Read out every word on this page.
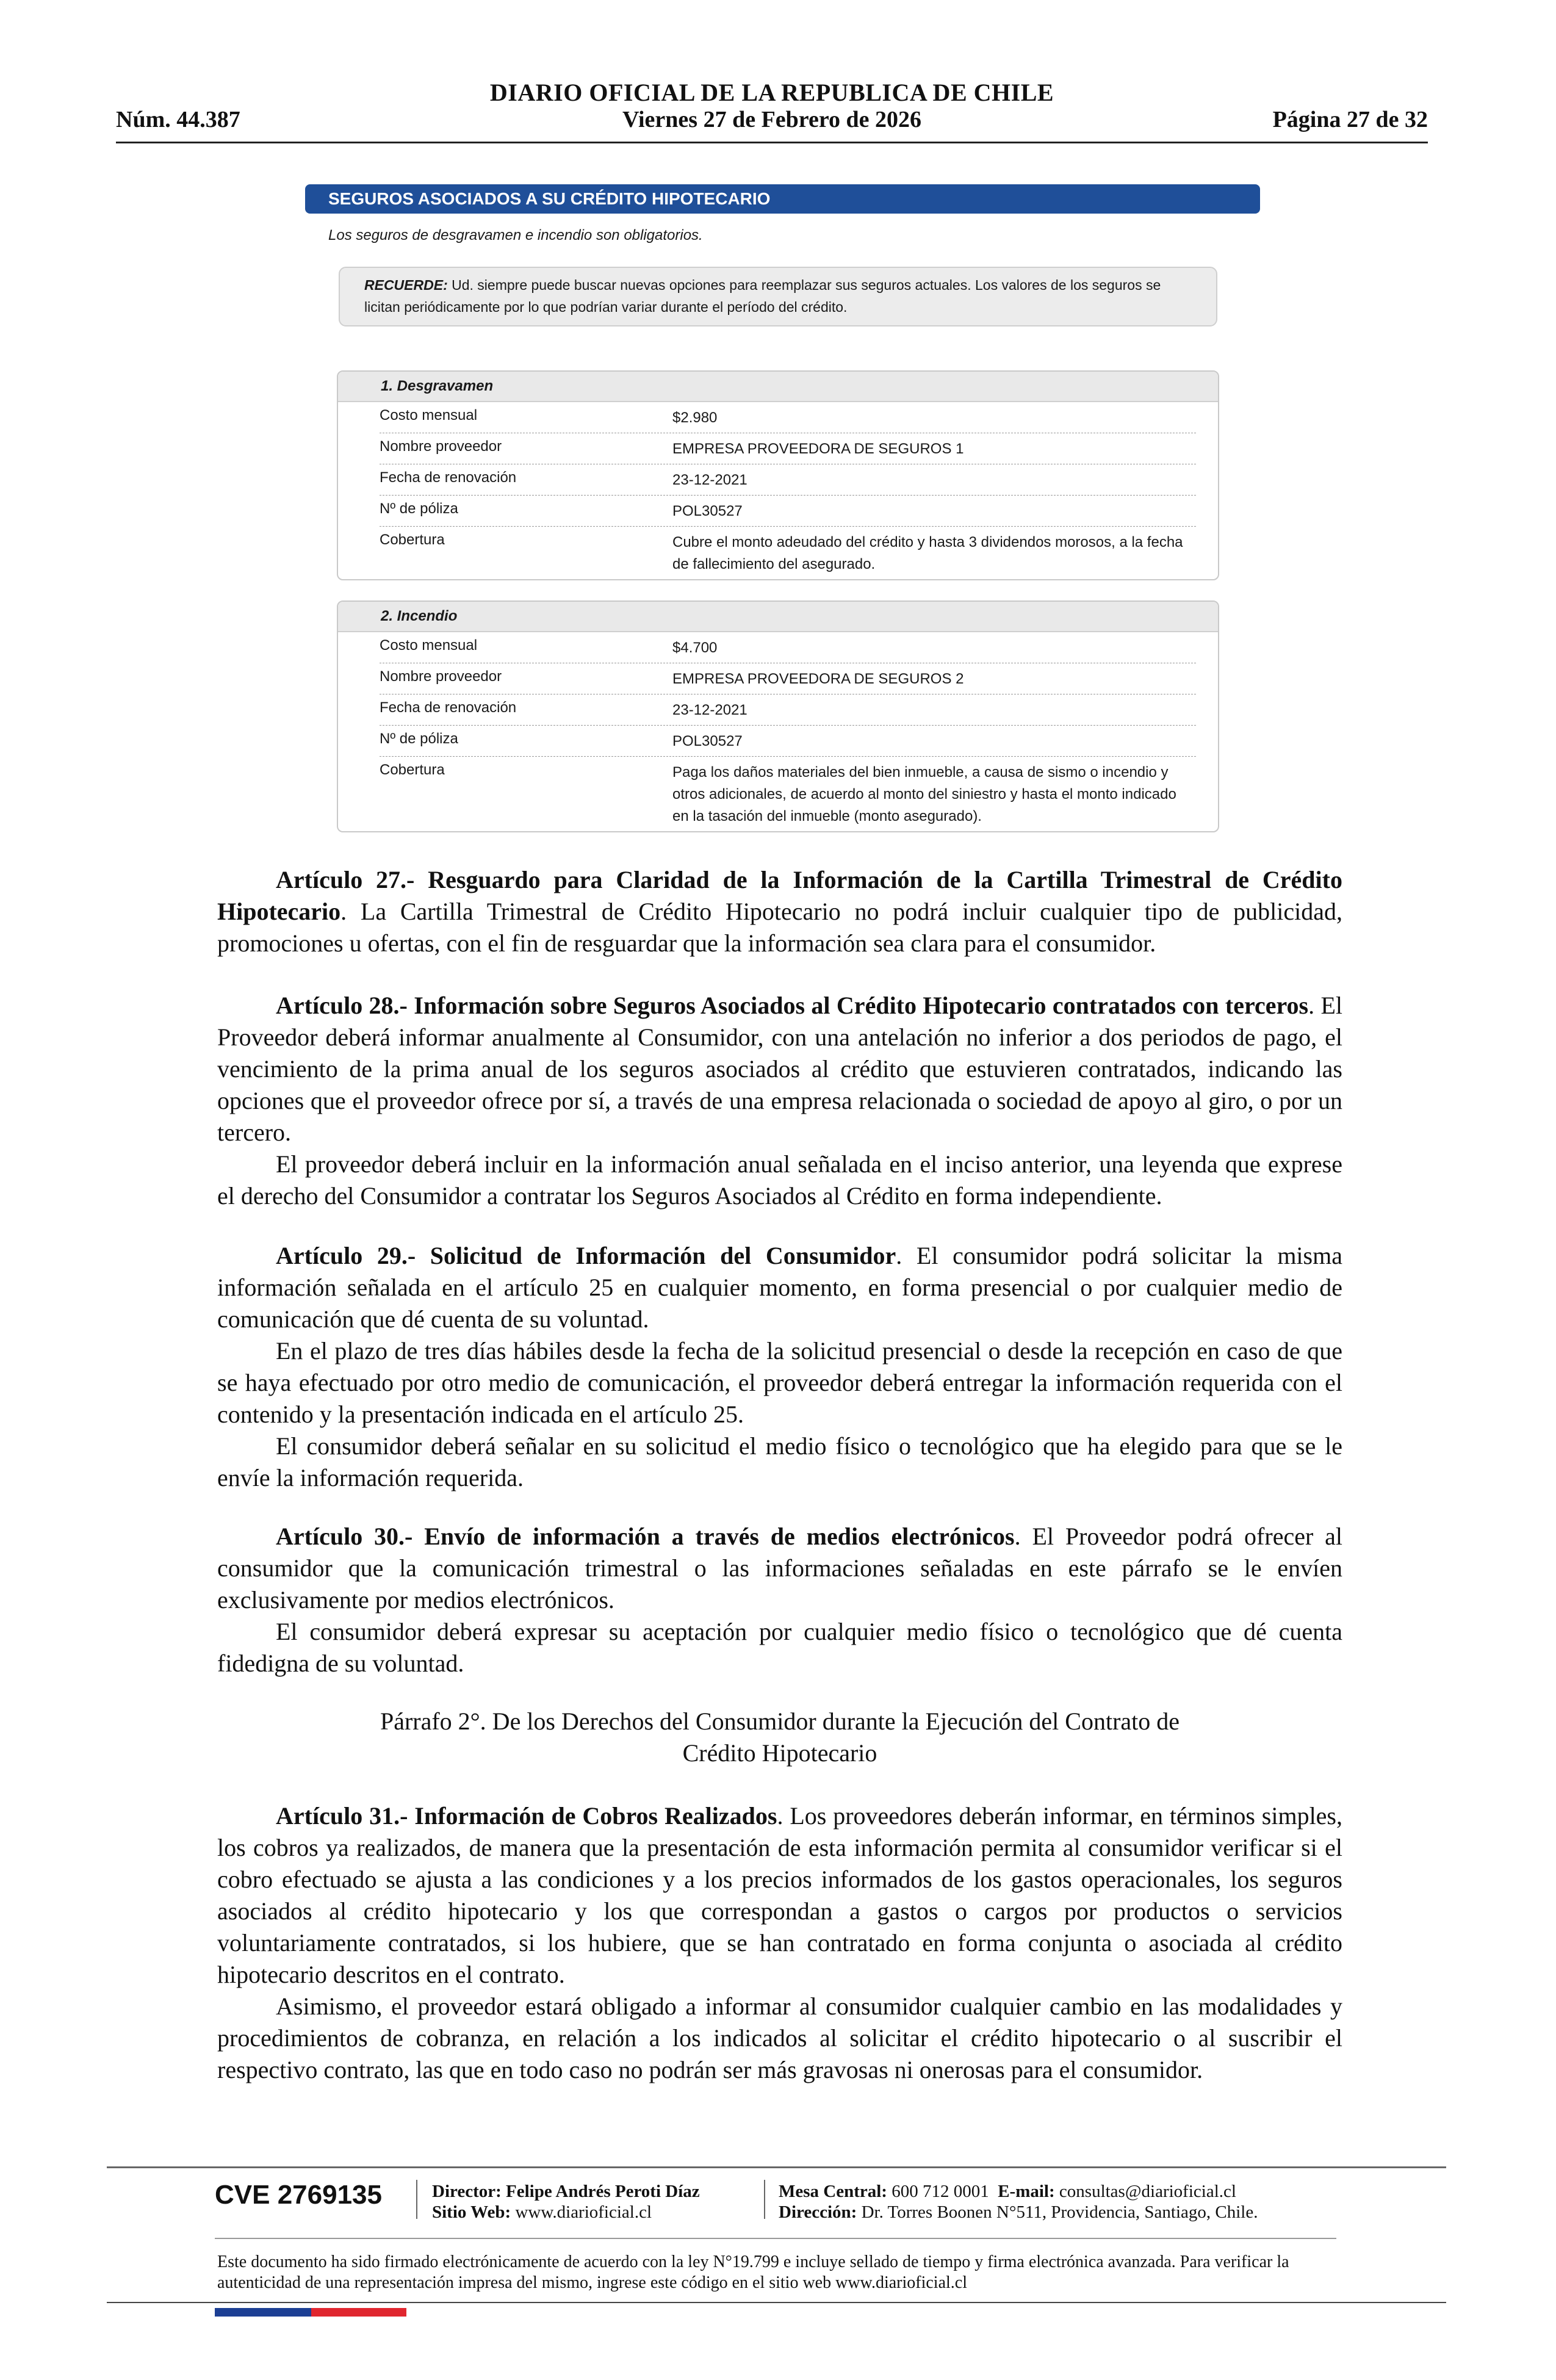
DIARIO OFICIAL DE LA REPUBLICA DE CHILE
Núm. 44.387	Viernes 27 de Febrero de 2026	Página 27 de 32
SEGUROS ASOCIADOS A SU CRÉDITO HIPOTECARIO
Los seguros de desgravamen e incendio son obligatorios.
RECUERDE: Ud. siempre puede buscar nuevas opciones para reemplazar sus seguros actuales. Los valores de los seguros se licitan periódicamente por lo que podrían variar durante el período del crédito.
1. Desgravamen
Costo mensual	$2.980
Nombre proveedor	EMPRESA PROVEEDORA DE SEGUROS 1
Fecha de renovación	23-12-2021
Nº de póliza	POL30527
Cobertura	Cubre el monto adeudado del crédito y hasta 3 dividendos morosos, a la fecha de fallecimiento del asegurado.
2. Incendio
Costo mensual	$4.700
Nombre proveedor	EMPRESA PROVEEDORA DE SEGUROS 2
Fecha de renovación	23-12-2021
Nº de póliza	POL30527
Cobertura	Paga los daños materiales del bien inmueble, a causa de sismo o incendio y otros adicionales, de acuerdo al monto del siniestro y hasta el monto indicado en la tasación del inmueble (monto asegurado).

Artículo 27.- Resguardo para Claridad de la Información de la Cartilla Trimestral de Crédito Hipotecario. La Cartilla Trimestral de Crédito Hipotecario no podrá incluir cualquier tipo de publicidad, promociones u ofertas, con el fin de resguardar que la información sea clara para el consumidor.

Artículo 28.- Información sobre Seguros Asociados al Crédito Hipotecario contratados con terceros. El Proveedor deberá informar anualmente al Consumidor, con una antelación no inferior a dos periodos de pago, el vencimiento de la prima anual de los seguros asociados al crédito que estuvieren contratados, indicando las opciones que el proveedor ofrece por sí, a través de una empresa relacionada o sociedad de apoyo al giro, o por un tercero.

El proveedor deberá incluir en la información anual señalada en el inciso anterior, una leyenda que exprese el derecho del Consumidor a contratar los Seguros Asociados al Crédito en forma independiente.

Artículo 29.- Solicitud de Información del Consumidor. El consumidor podrá solicitar la misma información señalada en el artículo 25 en cualquier momento, en forma presencial o por cualquier medio de comunicación que dé cuenta de su voluntad.

En el plazo de tres días hábiles desde la fecha de la solicitud presencial o desde la recepción en caso de que se haya efectuado por otro medio de comunicación, el proveedor deberá entregar la información requerida con el contenido y la presentación indicada en el artículo 25.

El consumidor deberá señalar en su solicitud el medio físico o tecnológico que ha elegido para que se le envíe la información requerida.

Artículo 30.- Envío de información a través de medios electrónicos. El Proveedor podrá ofrecer al consumidor que la comunicación trimestral o las informaciones señaladas en este párrafo se le envíen exclusivamente por medios electrónicos.

El consumidor deberá expresar su aceptación por cualquier medio físico o tecnológico que dé cuenta fidedigna de su voluntad.

Párrafo 2°. De los Derechos del Consumidor durante la Ejecución del Contrato de
Crédito Hipotecario

Artículo 31.- Información de Cobros Realizados. Los proveedores deberán informar, en términos simples, los cobros ya realizados, de manera que la presentación de esta información permita al consumidor verificar si el cobro efectuado se ajusta a las condiciones y a los precios informados de los gastos operacionales, los seguros asociados al crédito hipotecario y los que correspondan a gastos o cargos por productos o servicios voluntariamente contratados, si los hubiere, que se han contratado en forma conjunta o asociada al crédito hipotecario descritos en el contrato.

Asimismo, el proveedor estará obligado a informar al consumidor cualquier cambio en las modalidades y procedimientos de cobranza, en relación a los indicados al solicitar el crédito hipotecario o al suscribir el respectivo contrato, las que en todo caso no podrán ser más gravosas ni onerosas para el consumidor.

CVE 2769135	Director: Felipe Andrés Peroti Díaz
Sitio Web: www.diarioficial.cl
Mesa Central: 600 712 0001 E-mail: consultas@diarioficial.cl
Dirección: Dr. Torres Boonen N°511, Providencia, Santiago, Chile.
Este documento ha sido firmado electrónicamente de acuerdo con la ley N°19.799 e incluye sellado de tiempo y firma electrónica avanzada. Para verificar la autenticidad de una representación impresa del mismo, ingrese este código en el sitio web www.diarioficial.cl
